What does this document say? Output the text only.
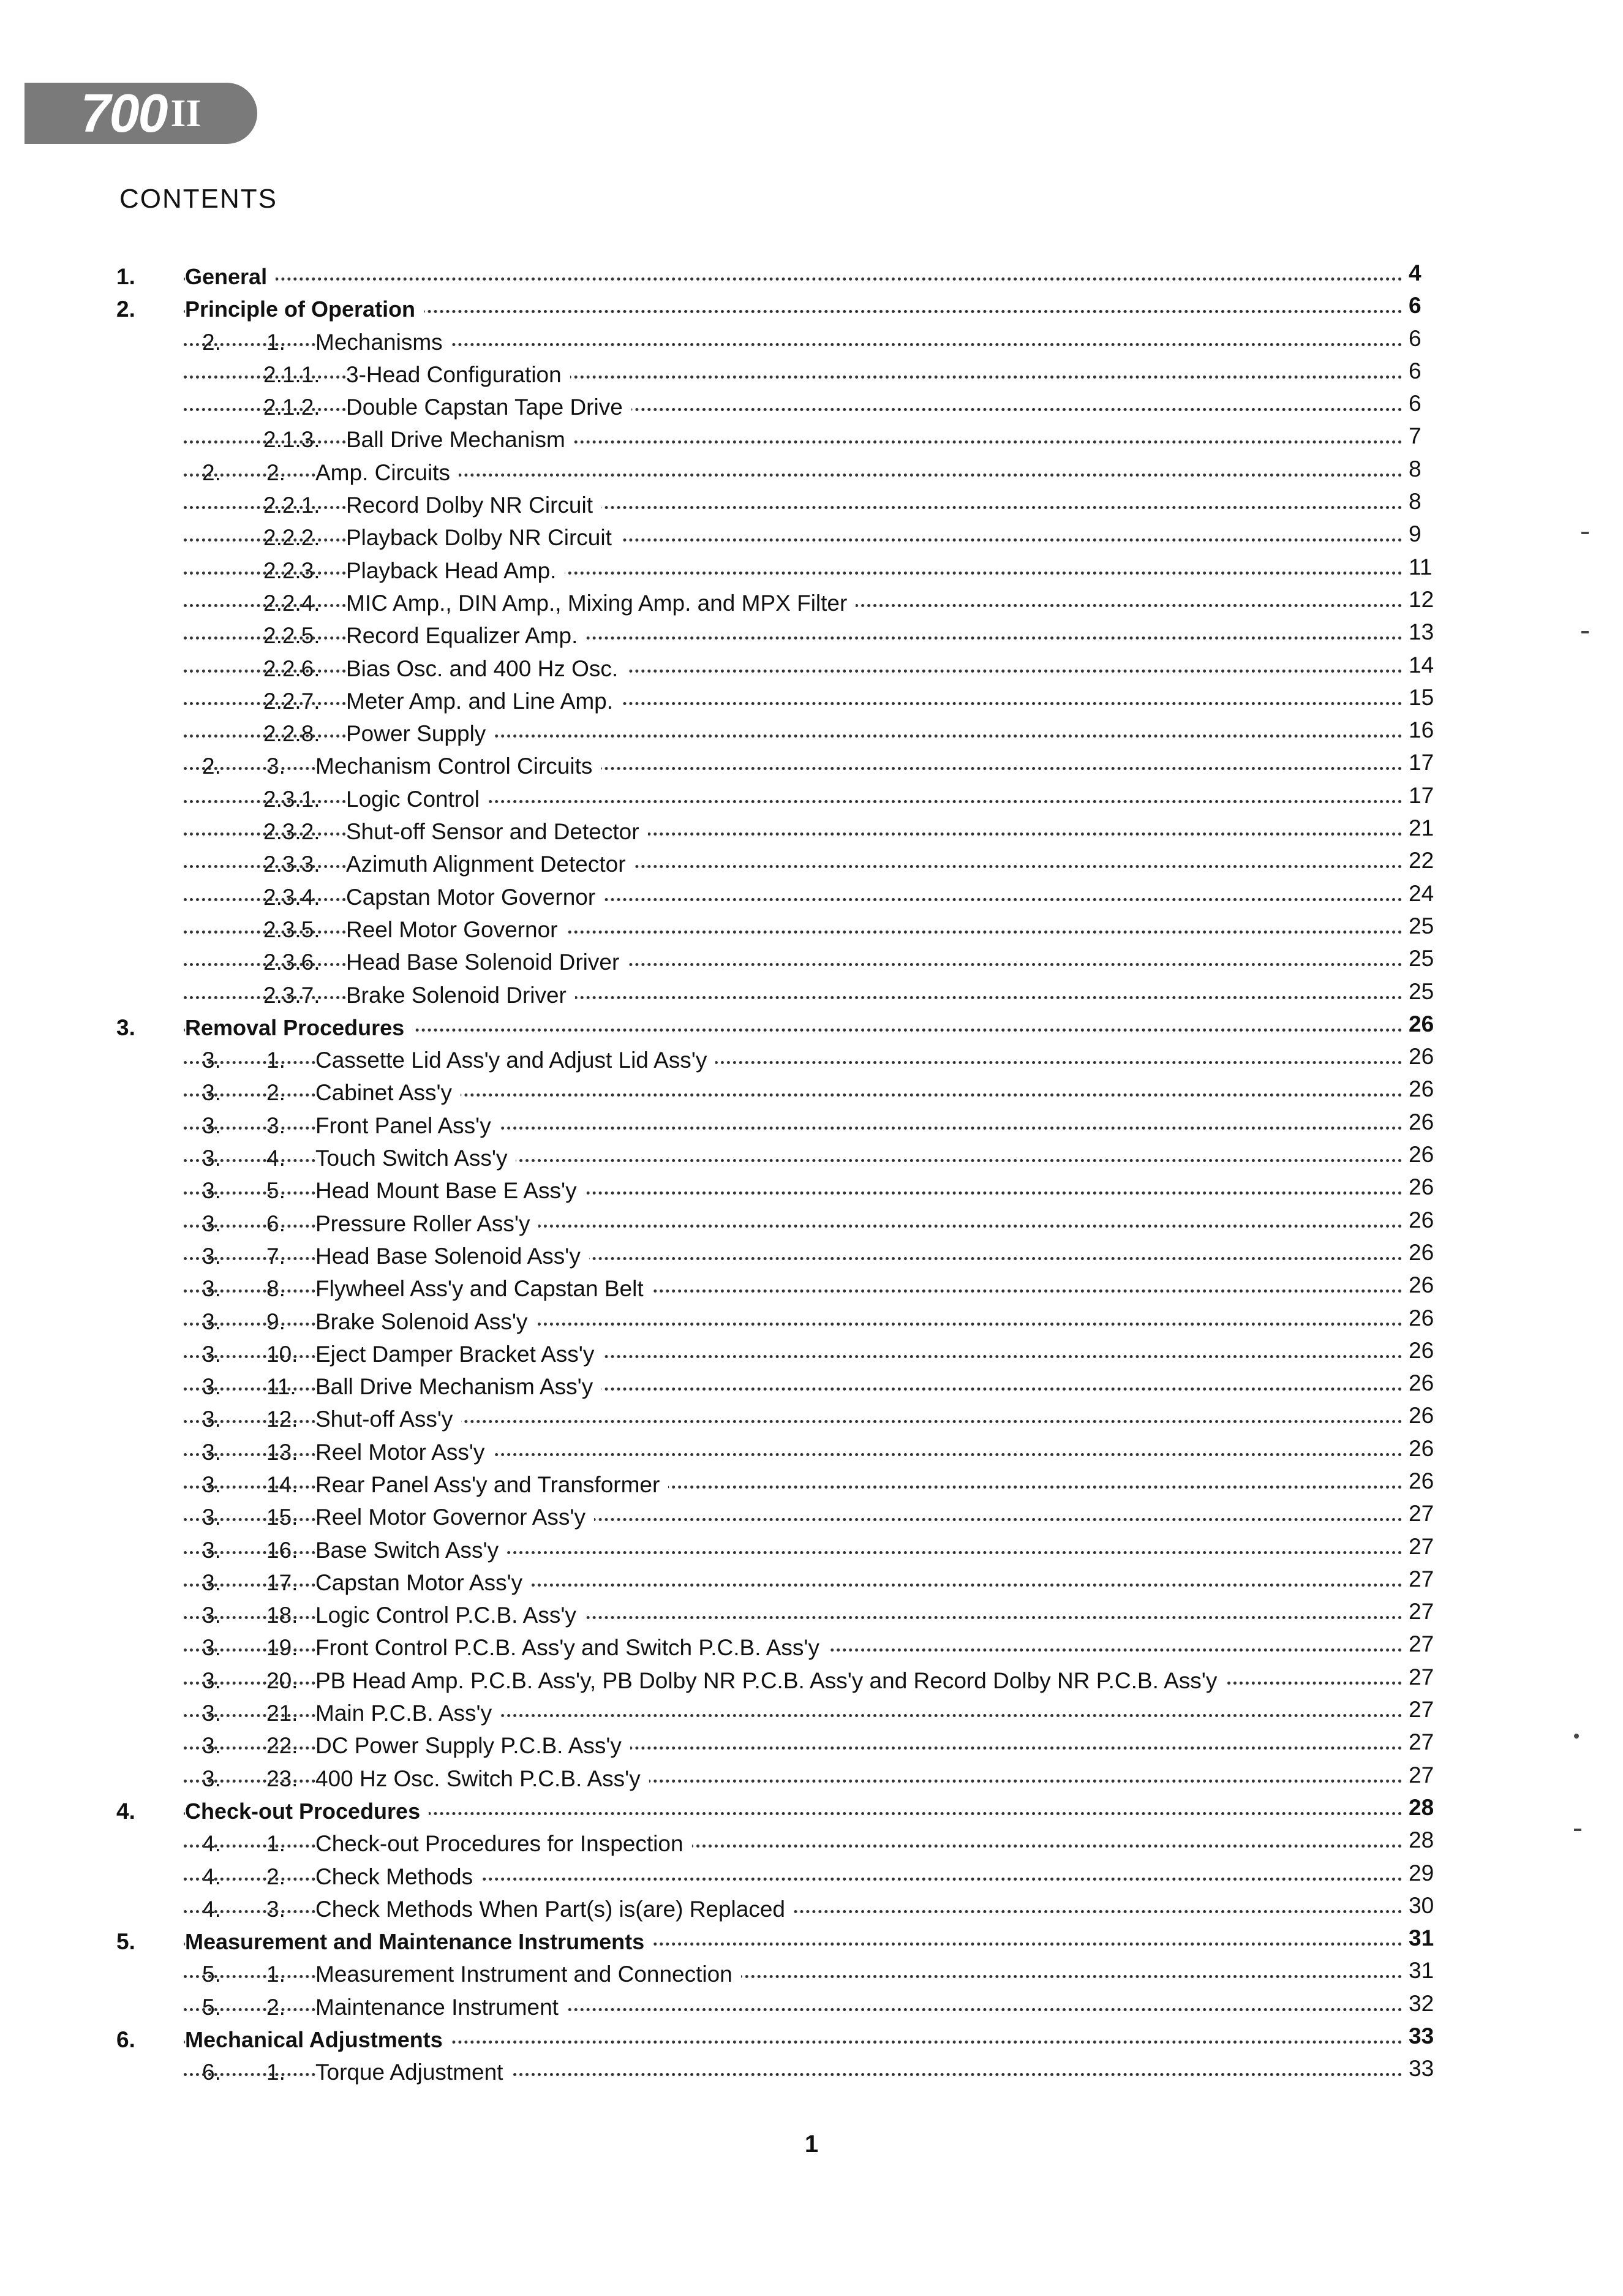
700 II
CONTENTS
1. General	4
2. Principle of Operation	6
2. 1. Mechanisms	6
2.1.1. 3-Head Configuration	6
2.1.2. Double Capstan Tape Drive	6
2.1.3. Ball Drive Mechanism	7
2. 2. Amp. Circuits	8
2.2.1. Record Dolby NR Circuit	8
2.2.2. Playback Dolby NR Circuit	9
2.2.3. Playback Head Amp.	11
2.2.4. MIC Amp., DIN Amp., Mixing Amp. and MPX Filter	12
2.2.5. Record Equalizer Amp.	13
2.2.6. Bias Osc. and 400 Hz Osc.	14
2.2.7. Meter Amp. and Line Amp.	15
2.2.8. Power Supply	16
2. 3. Mechanism Control Circuits	17
2.3.1. Logic Control	17
2.3.2. Shut-off Sensor and Detector	21
2.3.3. Azimuth Alignment Detector	22
2.3.4. Capstan Motor Governor	24
2.3.5. Reel Motor Governor	25
2.3.6. Head Base Solenoid Driver	25
2.3.7. Brake Solenoid Driver	25
3. Removal Procedures	26
3. 1. Cassette Lid Ass'y and Adjust Lid Ass'y	26
3. 2. Cabinet Ass'y	26
3. 3. Front Panel Ass'y	26
3. 4. Touch Switch Ass'y	26
3. 5. Head Mount Base E Ass'y	26
3. 6. Pressure Roller Ass'y	26
3. 7. Head Base Solenoid Ass'y	26
3. 8. Flywheel Ass'y and Capstan Belt	26
3. 9. Brake Solenoid Ass'y	26
3. 10. Eject Damper Bracket Ass'y	26
3. 11. Ball Drive Mechanism Ass'y	26
3. 12. Shut-off Ass'y	26
3. 13. Reel Motor Ass'y	26
3. 14. Rear Panel Ass'y and Transformer	26
3. 15. Reel Motor Governor Ass'y	27
3. 16. Base Switch Ass'y	27
3. 17. Capstan Motor Ass'y	27
3. 18. Logic Control P.C.B. Ass'y	27
3. 19. Front Control P.C.B. Ass'y and Switch P.C.B. Ass'y	27
3. 20. PB Head Amp. P.C.B. Ass'y, PB Dolby NR P.C.B. Ass'y and Record Dolby NR P.C.B. Ass'y	27
3. 21. Main P.C.B. Ass'y	27
3. 22. DC Power Supply P.C.B. Ass'y	27
3. 23. 400 Hz Osc. Switch P.C.B. Ass'y	27
4. Check-out Procedures	28
4. 1. Check-out Procedures for Inspection	28
4. 2. Check Methods	29
4. 3. Check Methods When Part(s) is(are) Replaced	30
5. Measurement and Maintenance Instruments	31
5. 1. Measurement Instrument and Connection	31
5. 2. Maintenance Instrument	32
6. Mechanical Adjustments	33
6. 1. Torque Adjustment	33
1
